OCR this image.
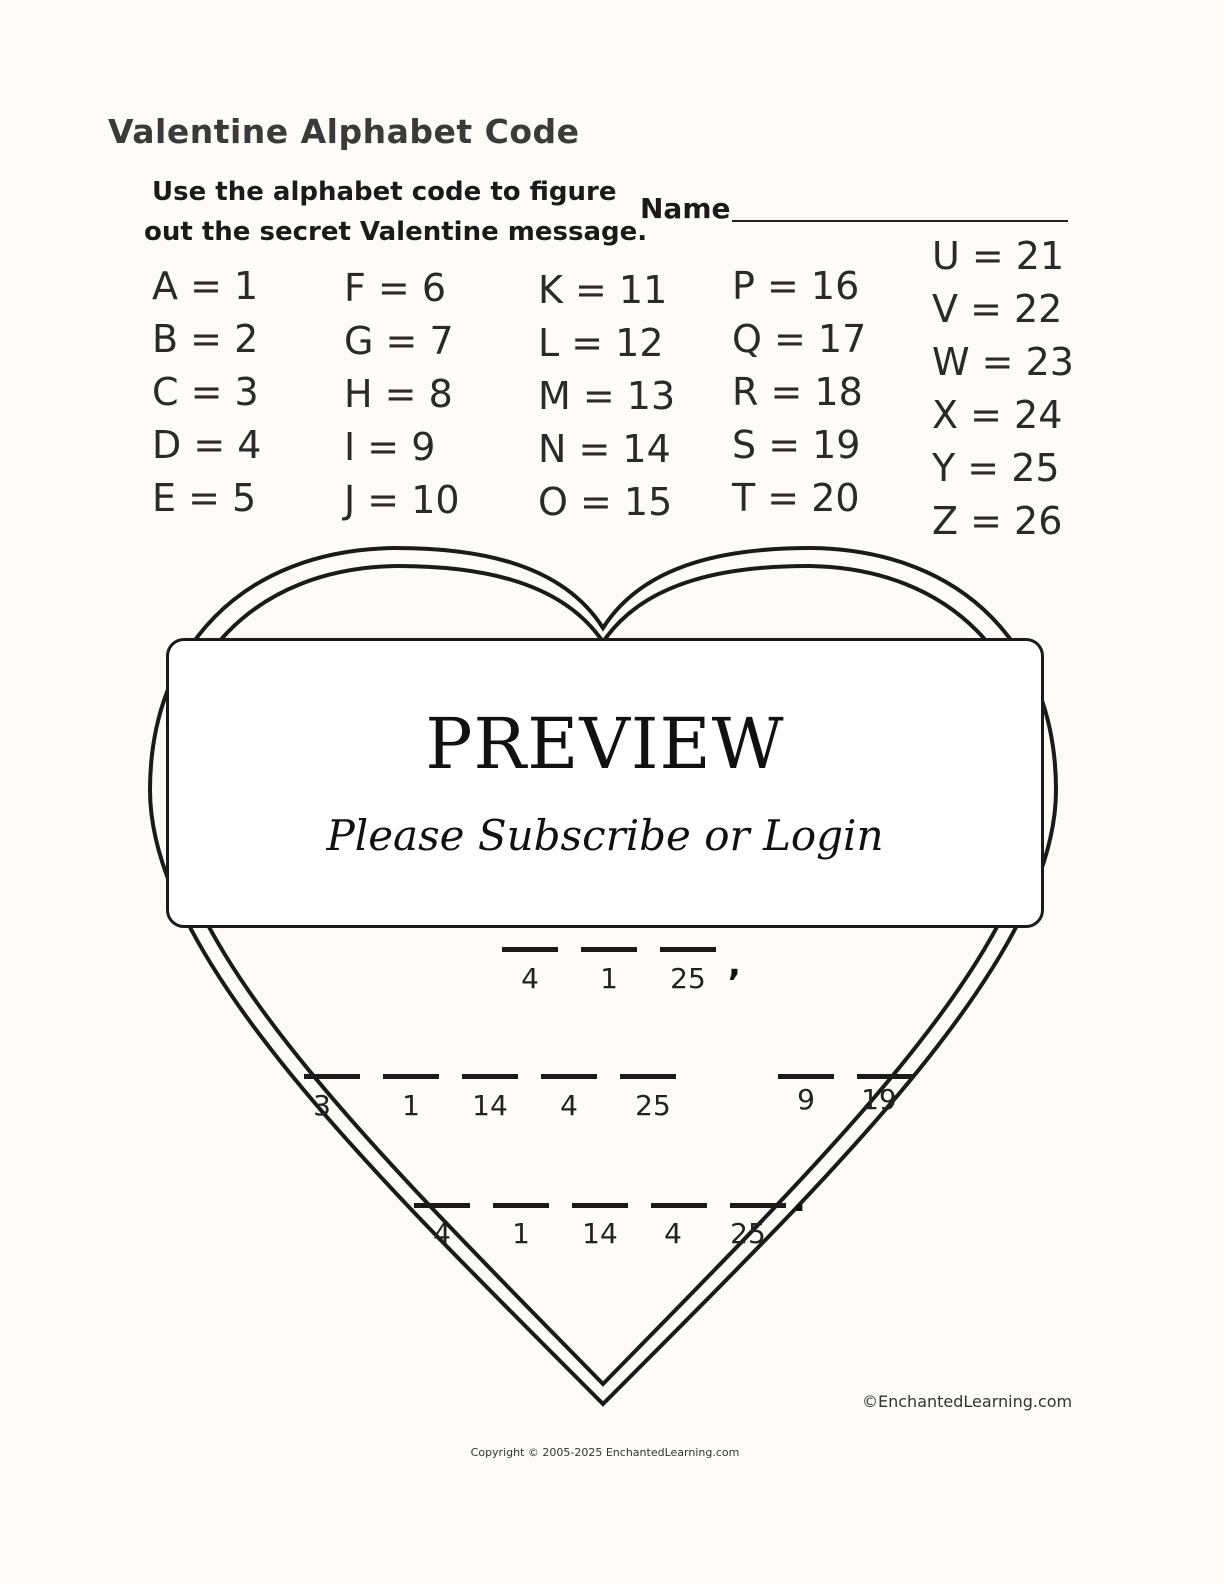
Valentine Alphabet Code
Use the alphabet code to figure
out the secret Valentine message.
Name
A = 1
B = 2
C = 3
D = 4
E = 5
F = 6
G = 7
H = 8
I = 9
J = 10
K = 11
L = 12
M = 13
N = 14
O = 15
P = 16
Q = 17
R = 18
S = 19
T = 20
U = 21
V = 22
W = 23
X = 24
Y = 25
Z = 26
PREVIEW
Please Subscribe or Login
4	1	25 ,
3	1	14	4	25	9	19
4	1	14	4	25
.
©EnchantedLearning.com
Copyright © 2005-2025 EnchantedLearning.com
